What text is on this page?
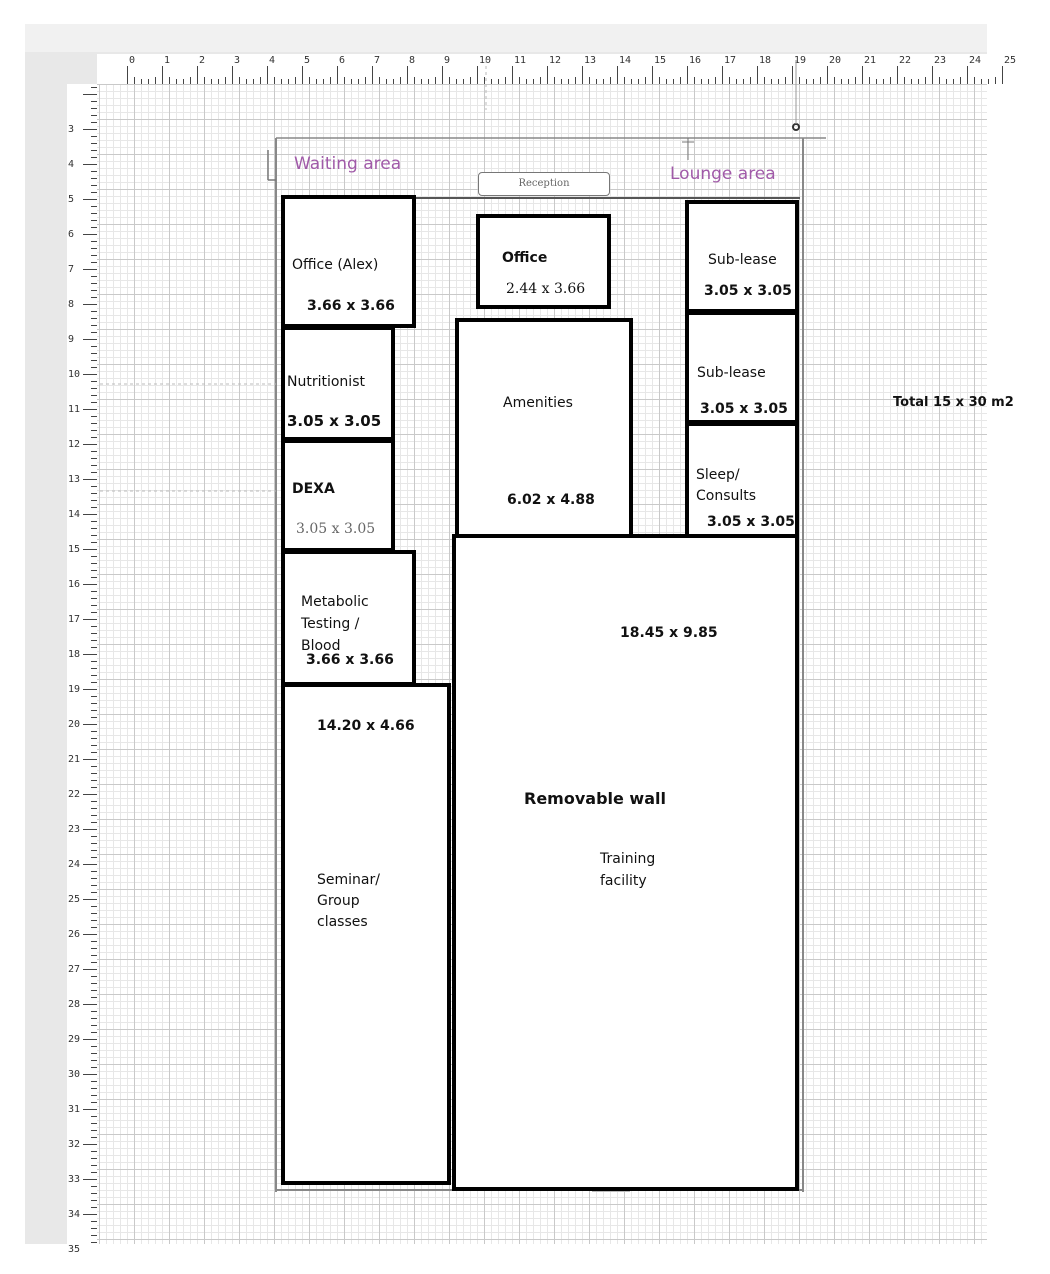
0	1	2	3	4	5	6	7	8	9	10 11 12 13 14 15 16 17 18 19 20 21 22 23 24 25
3
4
5
6
7
8
9
10
11
12
13
14
15
16
17
18
19
20
21
22
23
24
25
26
27
28
29
30
31
32
33
34
35
Waiting area	Lounge area
Reception
Office (Alex)
3.66 x 3.66
Office
2.44 x 3.66
Sub-lease
3.05 x 3.05
Nutritionist
3.05 x 3.05
Amenities
6.02 x 4.88
Sub-lease
3.05 x 3.05
DEXA
3.05 x 3.05
Sleep/
Consults
3.05 x 3.05
Metabolic
Testing /
Blood
3.66 x 3.66
18.45 x 9.85
Training
facility
14.20 x 4.66
Seminar/
Group
classes
Removable wall
Total 15 x 30 m2
